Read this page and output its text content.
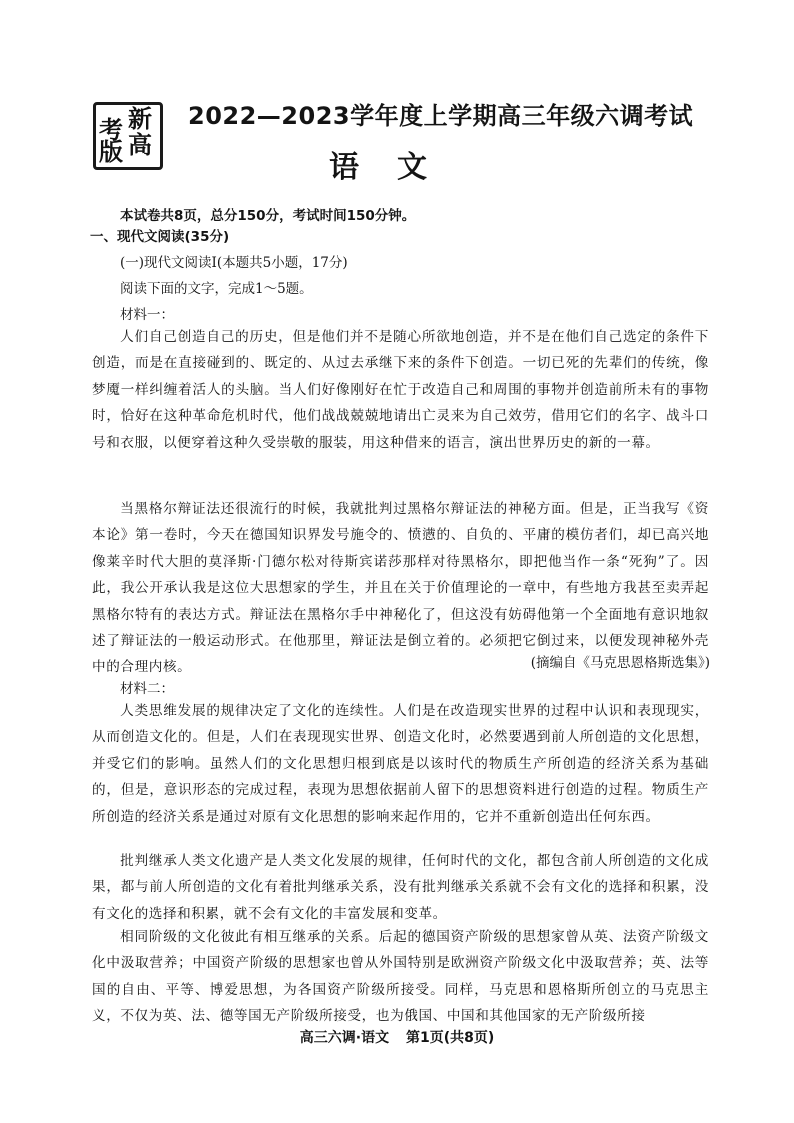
考 新
版 高
2022—2023学年度上学期高三年级六调考试
语文
本试卷共8页，总分150分，考试时间150分钟。
一、现代文阅读(35分)
(一)现代文阅读Ⅰ(本题共5小题，17分)
阅读下面的文字，完成1～5题。
材料一：
人们自己创造自己的历史，但是他们并不是随心所欲地创造，并不是在他们自己选定的条件下创造，而是在直接碰到的、既定的、从过去承继下来的条件下创造。一切已死的先辈们的传统，像梦魇一样纠缠着活人的头脑。当人们好像刚好在忙于改造自己和周围的事物并创造前所未有的事物时，恰好在这种革命危机时代，他们战战兢兢地请出亡灵来为自己效劳，借用它们的名字、战斗口号和衣服，以便穿着这种久受崇敬的服装，用这种借来的语言，演出世界历史的新的一幕。
当黑格尔辩证法还很流行的时候，我就批判过黑格尔辩证法的神秘方面。但是，正当我写《资本论》第一卷时，今天在德国知识界发号施令的、愤懑的、自负的、平庸的模仿者们，却已高兴地像莱辛时代大胆的莫泽斯·门德尔松对待斯宾诺莎那样对待黑格尔，即把他当作一条“死狗”了。因此，我公开承认我是这位大思想家的学生，并且在关于价值理论的一章中，有些地方我甚至卖弄起黑格尔特有的表达方式。辩证法在黑格尔手中神秘化了，但这没有妨碍他第一个全面地有意识地叙述了辩证法的一般运动形式。在他那里，辩证法是倒立着的。必须把它倒过来，以便发现神秘外壳中的合理内核。	(摘编自《马克思恩格斯选集》)
材料二：
人类思维发展的规律决定了文化的连续性。人们是在改造现实世界的过程中认识和表现现实，从而创造文化的。但是，人们在表现现实世界、创造文化时，必然要遇到前人所创造的文化思想，并受它们的影响。虽然人们的文化思想归根到底是以该时代的物质生产所创造的经济关系为基础的，但是，意识形态的完成过程，表现为思想依据前人留下的思想资料进行创造的过程。物质生产所创造的经济关系是通过对原有文化思想的影响来起作用的，它并不重新创造出任何东西。
批判继承人类文化遗产是人类文化发展的规律，任何时代的文化，都包含前人所创造的文化成果，都与前人所创造的文化有着批判继承关系，没有批判继承关系就不会有文化的选择和积累，没有文化的选择和积累，就不会有文化的丰富发展和变革。
相同阶级的文化彼此有相互继承的关系。后起的德国资产阶级的思想家曾从英、法资产阶级文化中汲取营养；中国资产阶级的思想家也曾从外国特别是欧洲资产阶级文化中汲取营养；英、法等国的自由、平等、博爱思想，为各国资产阶级所接受。同样，马克思和恩格斯所创立的马克思主义，不仅为英、法、德等国无产阶级所接受，也为俄国、中国和其他国家的无产阶级所接
高三六调·语文 第1页(共8页)
